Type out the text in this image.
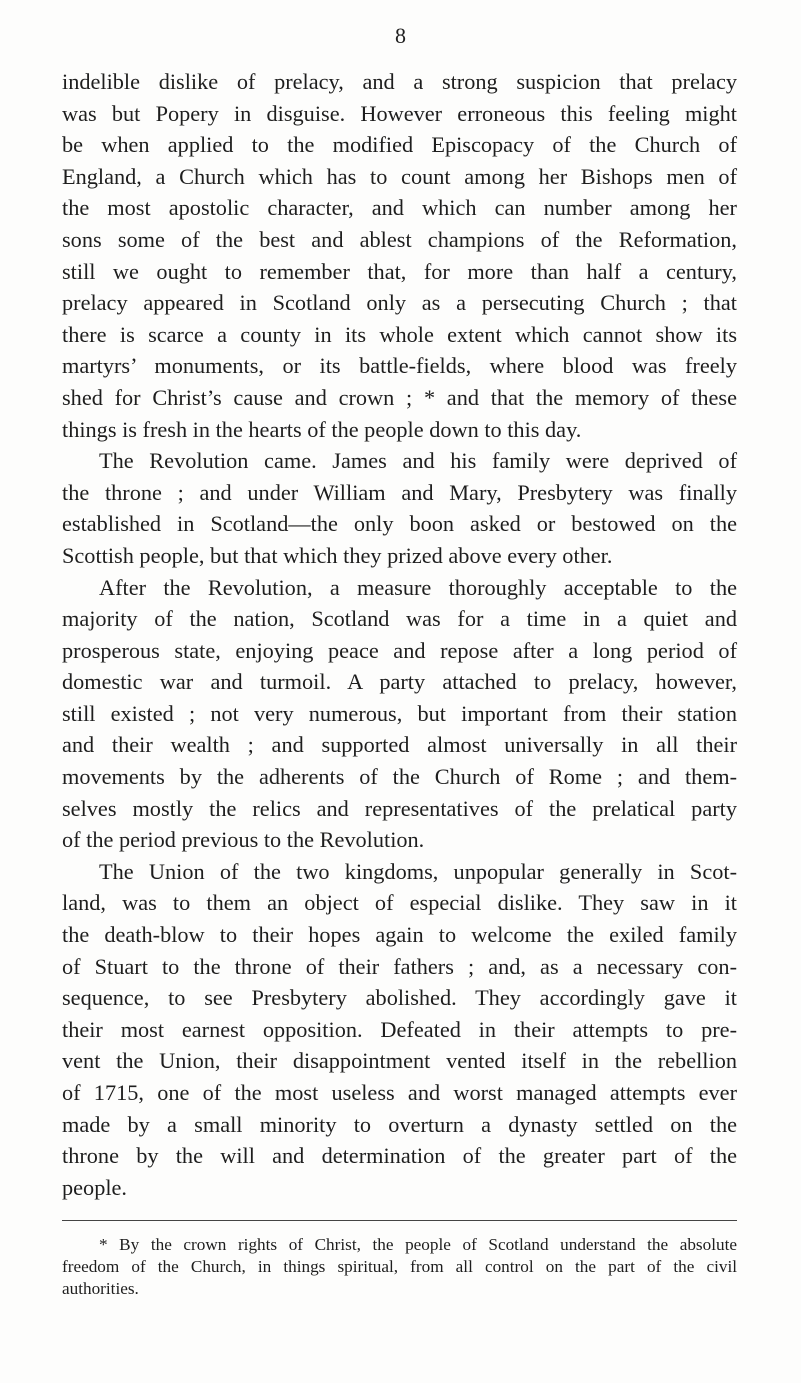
8
indelible dislike of prelacy, and a strong suspicion that prelacy
was but Popery in disguise. However erroneous this feeling might
be when applied to the modified Episcopacy of the Church of
England, a Church which has to count among her Bishops men of
the most apostolic character, and which can number among her
sons some of the best and ablest champions of the Reformation,
still we ought to remember that, for more than half a century,
prelacy appeared in Scotland only as a persecuting Church ; that
there is scarce a county in its whole extent which cannot show its
martyrs’ monuments, or its battle-fields, where blood was freely
shed for Christ’s cause and crown ; * and that the memory of these
things is fresh in the hearts of the people down to this day.
The Revolution came. James and his family were deprived of
the throne ; and under William and Mary, Presbytery was finally
established in Scotland—the only boon asked or bestowed on the
Scottish people, but that which they prized above every other.
After the Revolution, a measure thoroughly acceptable to the
majority of the nation, Scotland was for a time in a quiet and
prosperous state, enjoying peace and repose after a long period of
domestic war and turmoil. A party attached to prelacy, however,
still existed ; not very numerous, but important from their station
and their wealth ; and supported almost universally in all their
movements by the adherents of the Church of Rome ; and them-
selves mostly the relics and representatives of the prelatical party
of the period previous to the Revolution.
The Union of the two kingdoms, unpopular generally in Scot-
land, was to them an object of especial dislike. They saw in it
the death-blow to their hopes again to welcome the exiled family
of Stuart to the throne of their fathers ; and, as a necessary con-
sequence, to see Presbytery abolished. They accordingly gave it
their most earnest opposition. Defeated in their attempts to pre-
vent the Union, their disappointment vented itself in the rebellion
of 1715, one of the most useless and worst managed attempts ever
made by a small minority to overturn a dynasty settled on the
throne by the will and determination of the greater part of the
people.
* By the crown rights of Christ, the people of Scotland understand the absolute
freedom of the Church, in things spiritual, from all control on the part of the civil
authorities.
